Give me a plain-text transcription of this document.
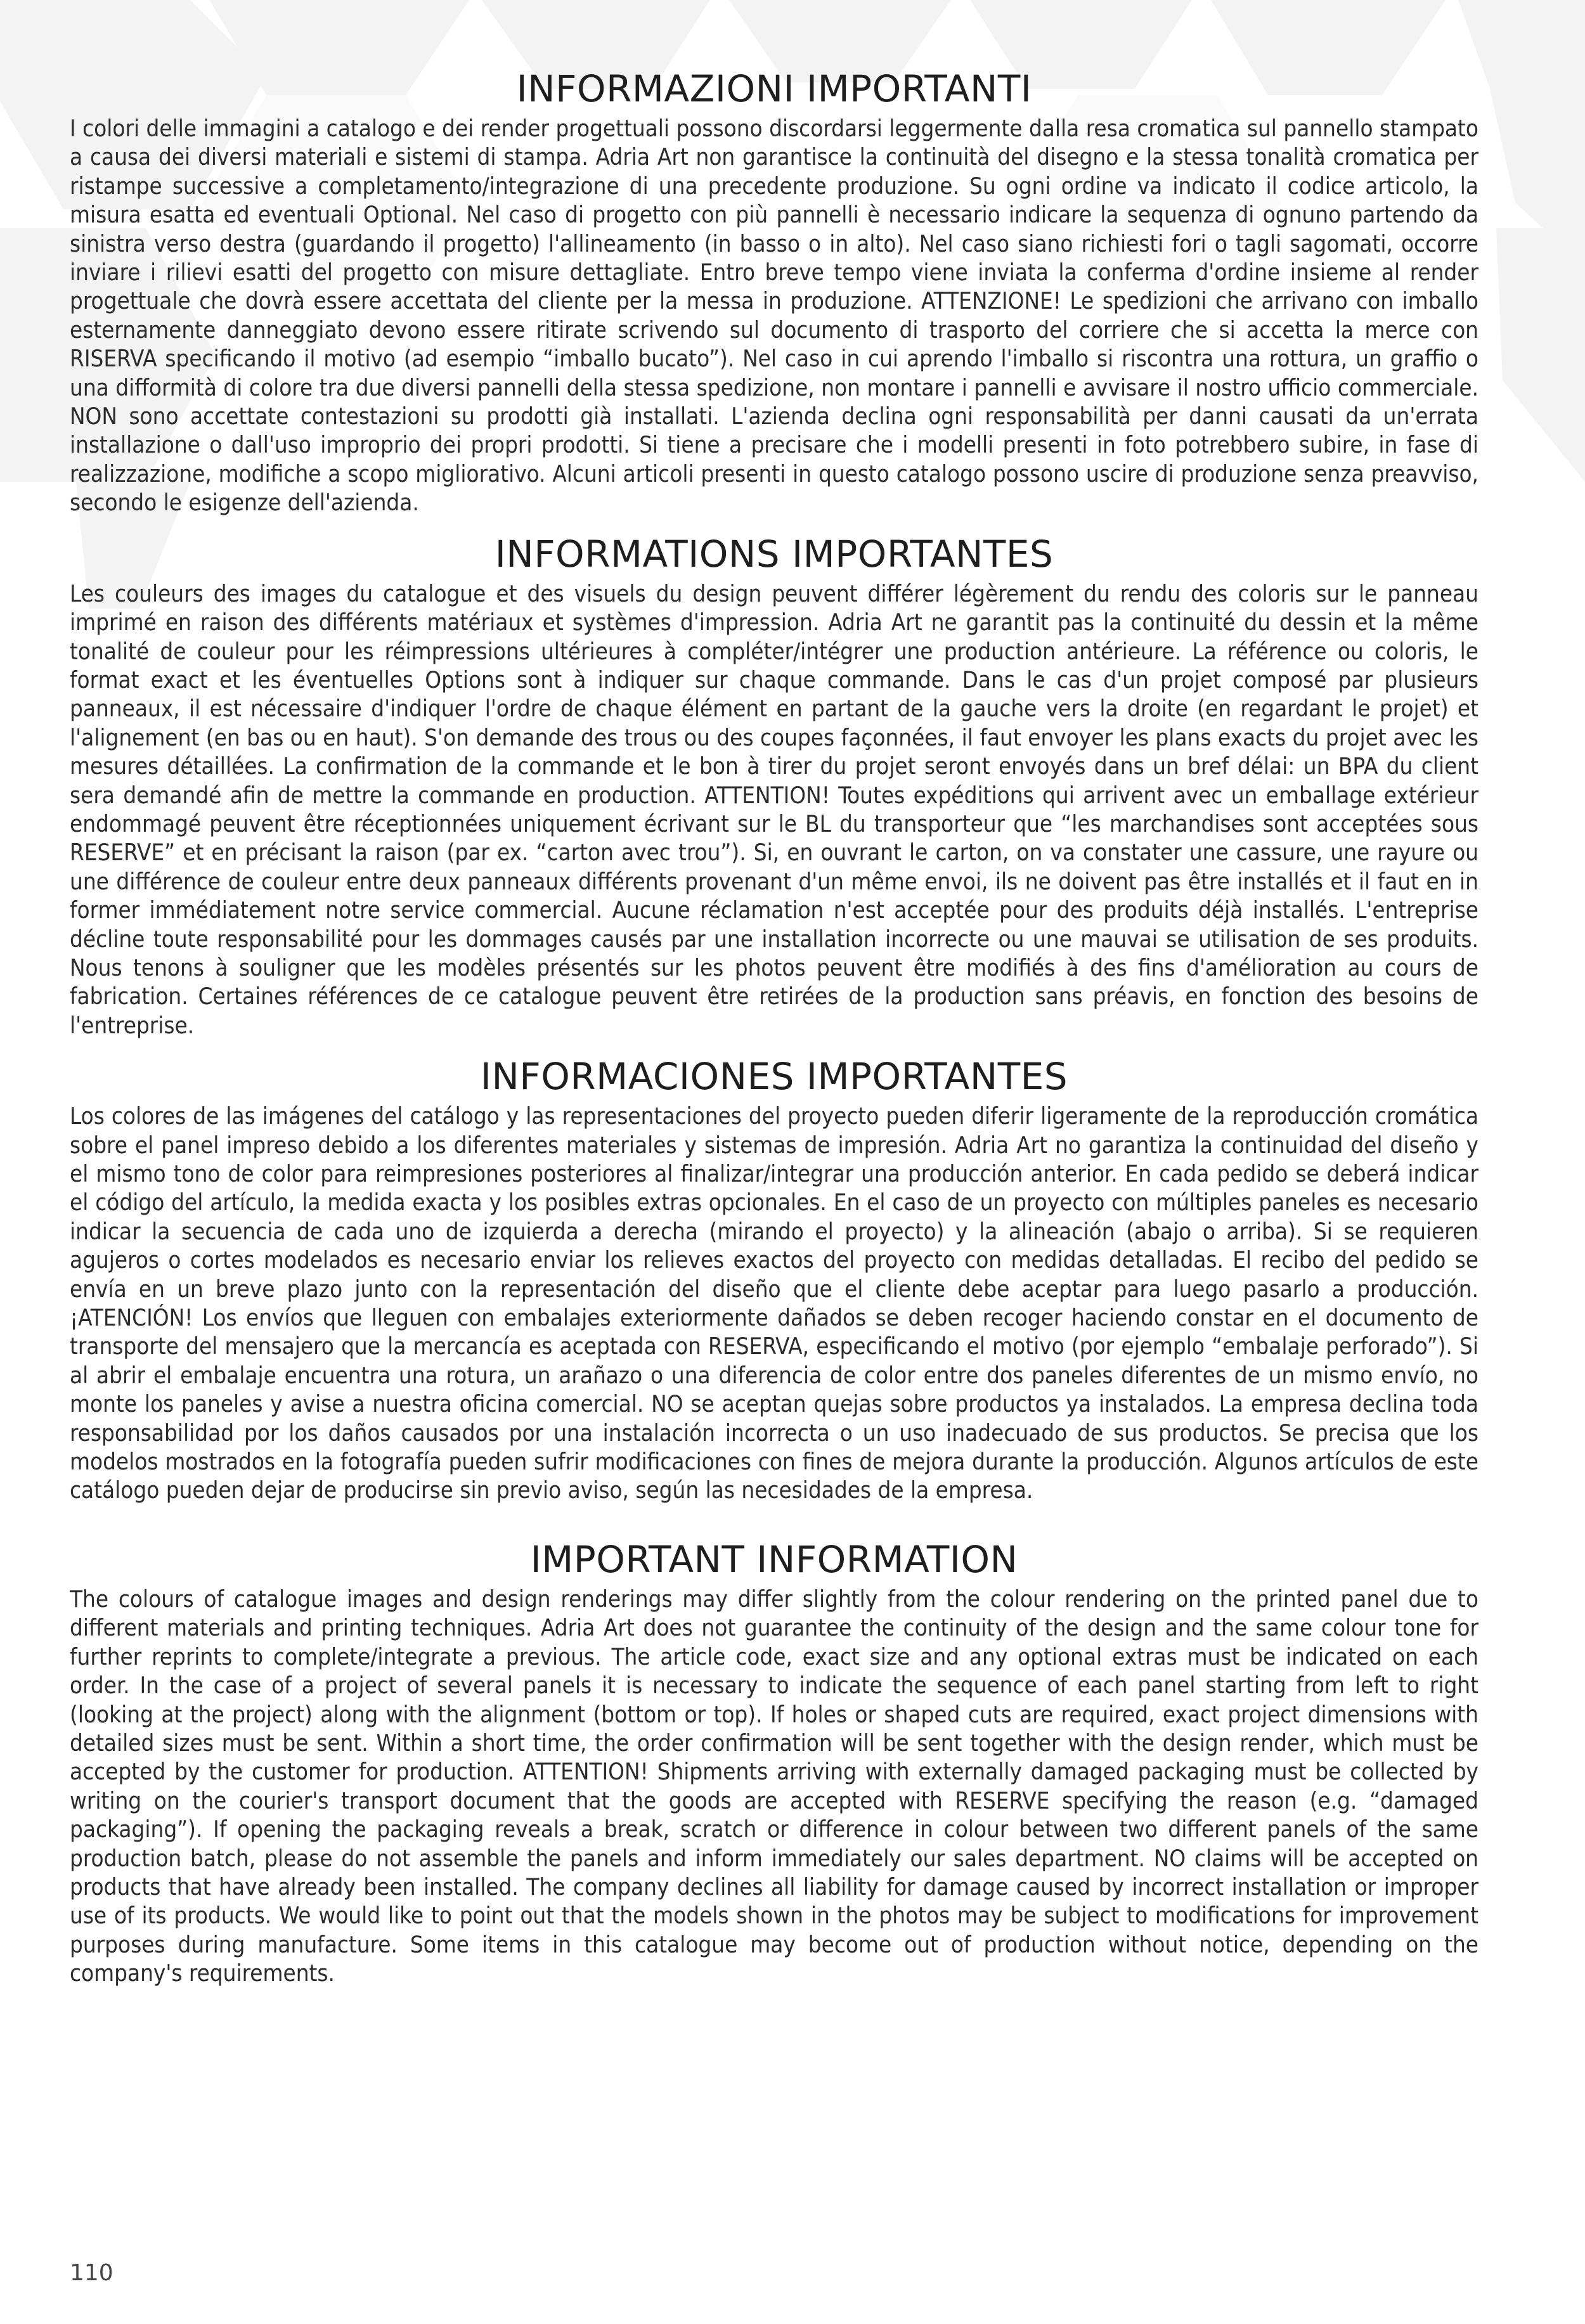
INFORMAZIONI IMPORTANTI

I colori delle immagini a catalogo e dei render progettuali possono discordarsi leggermente dalla resa cromatica sul pannello stampato a causa dei diversi materiali e sistemi di stampa. Adria Art non garantisce la continuità del disegno e la stessa tonalità cromatica per ristampe successive a completamento/integrazione di una precedente produzione. Su ogni ordine va indicato il codice articolo, la misura esatta ed eventuali Optional. Nel caso di progetto con più pannelli è necessario indicare la sequenza di ognuno partendo da sinistra verso destra (guardando il progetto) l'allineamento (in basso o in alto). Nel caso siano richiesti fori o tagli sagomati, occorre inviare i rilievi esatti del progetto con misure dettagliate. Entro breve tempo viene inviata la conferma d'ordine insieme al render progettuale che dovrà essere accettata del cliente per la messa in produzione. ATTENZIONE! Le spedizioni che arrivano con imballo esternamente danneggiato devono essere ritirate scrivendo sul documento di trasporto del corriere che si accetta la merce con RISERVA specificando il motivo (ad esempio “imballo bucato”). Nel caso in cui aprendo l'imballo si riscontra una rottura, un graffio o una difformità di colore tra due diversi pannelli della stessa spedizione, non montare i pannelli e avvisare il nostro ufficio commerciale. NON sono accettate contestazioni su prodotti già installati. L'azienda declina ogni responsabilità per danni causati da un'errata installazione o dall'uso improprio dei propri prodotti. Si tiene a precisare che i modelli presenti in foto potrebbero subire, in fase di realizzazione, modifiche a scopo migliorativo. Alcuni articoli presenti in questo catalogo possono uscire di produzione senza preavviso, secondo le esigenze dell'azienda.

INFORMATIONS IMPORTANTES

Les couleurs des images du catalogue et des visuels du design peuvent différer légèrement du rendu des coloris sur le panneau imprimé en raison des différents matériaux et systèmes d'impression. Adria Art ne garantit pas la continuité du dessin et la même tonalité de couleur pour les réimpressions ultérieures à compléter/intégrer une production antérieure. La référence ou coloris, le format exact et les éventuelles Options sont à indiquer sur chaque commande. Dans le cas d'un projet composé par plusieurs panneaux, il est nécessaire d'indiquer l'ordre de chaque élément en partant de la gauche vers la droite (en regardant le projet) et l'alignement (en bas ou en haut). S'on demande des trous ou des coupes façonnées, il faut envoyer les plans exacts du projet avec les mesures détaillées. La confirmation de la commande et le bon à tirer du projet seront envoyés dans un bref délai: un BPA du client sera demandé afin de mettre la commande en production. ATTENTION! Toutes expéditions qui arrivent avec un emballage extérieur endommagé peuvent être réceptionnées uniquement écrivant sur le BL du transporteur que “les marchandises sont acceptées sous RESERVE” et en précisant la raison (par ex. “carton avec trou”). Si, en ouvrant le carton, on va constater une cassure, une rayure ou une différence de couleur entre deux panneaux différents provenant d'un même envoi, ils ne doivent pas être installés et il faut en in former immédiatement notre service commercial. Aucune réclamation n'est acceptée pour des produits déjà installés. L'entreprise décline toute responsabilité pour les dommages causés par une installation incorrecte ou une mauvai se utilisation de ses produits. Nous tenons à souligner que les modèles présentés sur les photos peuvent être modifiés à des fins d'amélioration au cours de fabrication. Certaines références de ce catalogue peuvent être retirées de la production sans préavis, en fonction des besoins de l'entreprise.

INFORMACIONES IMPORTANTES

Los colores de las imágenes del catálogo y las representaciones del proyecto pueden diferir ligeramente de la reproducción cromática sobre el panel impreso debido a los diferentes materiales y sistemas de impresión. Adria Art no garantiza la continuidad del diseño y el mismo tono de color para reimpresiones posteriores al finalizar/integrar una producción anterior. En cada pedido se deberá indicar el código del artículo, la medida exacta y los posibles extras opcionales. En el caso de un proyecto con múltiples paneles es necesario indicar la secuencia de cada uno de izquierda a derecha (mirando el proyecto) y la alineación (abajo o arriba). Si se requieren agujeros o cortes modelados es necesario enviar los relieves exactos del proyecto con medidas detalladas. El recibo del pedido se envía en un breve plazo junto con la representación del diseño que el cliente debe aceptar para luego pasarlo a producción. ¡ATENCIÓN! Los envíos que lleguen con embalajes exteriormente dañados se deben recoger haciendo constar en el documento de transporte del mensajero que la mercancía es aceptada con RESERVA, especificando el motivo (por ejemplo “embalaje perforado”). Si al abrir el embalaje encuentra una rotura, un arañazo o una diferencia de color entre dos paneles diferentes de un mismo envío, no monte los paneles y avise a nuestra oficina comercial. NO se aceptan quejas sobre productos ya instalados. La empresa declina toda responsabilidad por los daños causados por una instalación incorrecta o un uso inadecuado de sus productos. Se precisa que los modelos mostrados en la fotografía pueden sufrir modificaciones con fines de mejora durante la producción. Algunos artículos de este catálogo pueden dejar de producirse sin previo aviso, según las necesidades de la empresa.

IMPORTANT INFORMATION

The colours of catalogue images and design renderings may differ slightly from the colour rendering on the printed panel due to different materials and printing techniques. Adria Art does not guarantee the continuity of the design and the same colour tone for further reprints to complete/integrate a previous. The article code, exact size and any optional extras must be indicated on each order. In the case of a project of several panels it is necessary to indicate the sequence of each panel starting from left to right (looking at the project) along with the alignment (bottom or top). If holes or shaped cuts are required, exact project dimensions with detailed sizes must be sent. Within a short time, the order confirmation will be sent together with the design render, which must be accepted by the customer for production. ATTENTION! Shipments arriving with externally damaged packaging must be collected by writing on the courier's transport document that the goods are accepted with RESERVE specifying the reason (e.g. “damaged packaging”). If opening the packaging reveals a break, scratch or difference in colour between two different panels of the same production batch, please do not assemble the panels and inform immediately our sales department. NO claims will be accepted on products that have already been installed. The company declines all liability for damage caused by incorrect installation or improper use of its products. We would like to point out that the models shown in the photos may be subject to modifications for improvement purposes during manufacture. Some items in this catalogue may become out of production without notice, depending on the company's requirements.

110
